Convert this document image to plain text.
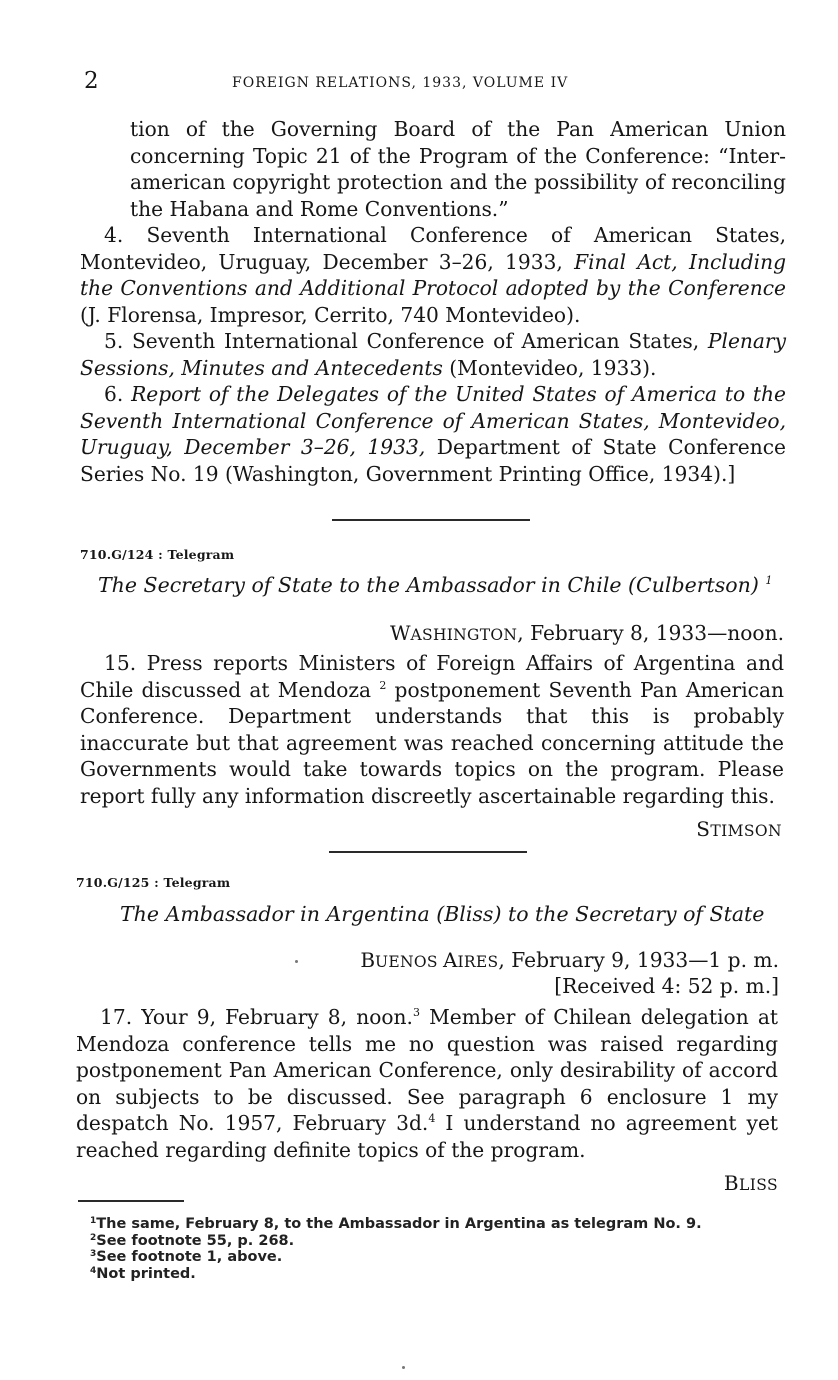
2	FOREIGN RELATIONS, 1933, VOLUME IV

tion of the Governing Board of the Pan American Union concerning Topic 21 of the Program of the Conference: “Inter-american copyright protection and the possibility of reconciling the Habana and Rome Conventions.”

4. Seventh International Conference of American States, Montevideo, Uruguay, December 3–26, 1933, Final Act, Including the Conventions and Additional Protocol adopted by the Conference (J. Florensa, Impresor, Cerrito, 740 Montevideo).

5. Seventh International Conference of American States, Plenary Sessions, Minutes and Antecedents (Montevideo, 1933).

6. Report of the Delegates of the United States of America to the Seventh International Conference of American States, Montevideo, Uruguay, December 3–26, 1933, Department of State Conference Series No. 19 (Washington, Government Printing Office, 1934).]

710.G/124 : Telegram
The Secretary of State to the Ambassador in Chile (Culbertson) $^1$
WASHINGTON, February 8, 1933—noon.

15. Press reports Ministers of Foreign Affairs of Argentina and Chile discussed at Mendoza $^2$ postponement Seventh Pan American Conference. Department understands that this is probably inaccurate but that agreement was reached concerning attitude the Governments would take towards topics on the program. Please report fully any information discreetly ascertainable regarding this.

STIMSON
710.G/125 : Telegram
The Ambassador in Argentina (Bliss) to the Secretary of State
BUENOS AIRES, February 9, 1933—1 p. m.
[Received 4: 52 p. m.]

17. Your 9, February 8, noon.$^3$ Member of Chilean delegation at Mendoza conference tells me no question was raised regarding postponement Pan American Conference, only desirability of accord on subjects to be discussed. See paragraph 6 enclosure 1 my despatch No. 1957, February 3d.$^4$ I understand no agreement yet reached regarding definite topics of the program.

BLISS
$^1$The same, February 8, to the Ambassador in Argentina as telegram No. 9.
$^2$See footnote 55, p. 268.
$^3$See footnote 1, above.
$^4$Not printed.
